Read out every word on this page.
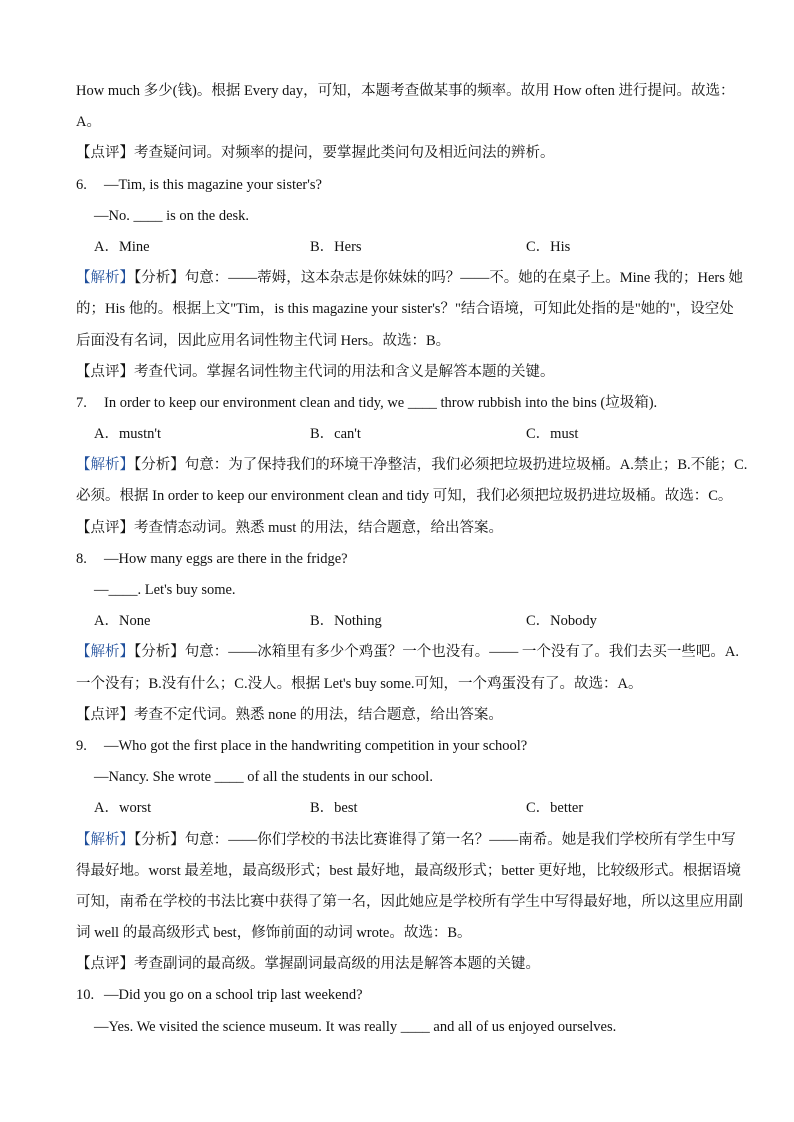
How much 多少(钱)。根据 Every day，可知，本题考查做某事的频率。故用 How often 进行提问。故选：
A。
【点评】考查疑问词。对频率的提问，要掌握此类问句及相近问法的辨析。
6. —Tim, is this magazine your sister's?
—No. ____ is on the desk.
A．Mine	B．Hers	C．His
【解析】【分析】句意：——蒂姆，这本杂志是你妹妹的吗？——不。她的在桌子上。Mine 我的；Hers 她
的；His 他的。根据上文"Tim，is this magazine your sister's？"结合语境，可知此处指的是"她的"，设空处
后面没有名词，因此应用名词性物主代词 Hers。故选：B。
【点评】考查代词。掌握名词性物主代词的用法和含义是解答本题的关键。
7. In order to keep our environment clean and tidy, we ____ throw rubbish into the bins (垃圾箱).
A．mustn't	B．can't	C．must
【解析】【分析】句意：为了保持我们的环境干净整洁，我们必须把垃圾扔进垃圾桶。A.禁止；B.不能；C.
必须。根据 In order to keep our environment clean and tidy 可知，我们必须把垃圾扔进垃圾桶。故选：C。
【点评】考查情态动词。熟悉 must 的用法，结合题意，给出答案。
8. —How many eggs are there in the fridge?
—____. Let's buy some.
A．None	B．Nothing	C．Nobody
【解析】【分析】句意：——冰箱里有多少个鸡蛋？一个也没有。—— 一个没有了。我们去买一些吧。A.
一个没有；B.没有什么；C.没人。根据 Let's buy some.可知，一个鸡蛋没有了。故选：A。
【点评】考查不定代词。熟悉 none 的用法，结合题意，给出答案。
9. —Who got the first place in the handwriting competition in your school?
—Nancy. She wrote ____ of all the students in our school.
A．worst	B．best	C．better
【解析】【分析】句意：——你们学校的书法比赛谁得了第一名？——南希。她是我们学校所有学生中写
得最好地。worst 最差地，最高级形式；best 最好地，最高级形式；better 更好地，比较级形式。根据语境
可知，南希在学校的书法比赛中获得了第一名，因此她应是学校所有学生中写得最好地，所以这里应用副
词 well 的最高级形式 best，修饰前面的动词 wrote。故选：B。
【点评】考查副词的最高级。掌握副词最高级的用法是解答本题的关键。
10. —Did you go on a school trip last weekend?
—Yes. We visited the science museum. It was really ____ and all of us enjoyed ourselves.
